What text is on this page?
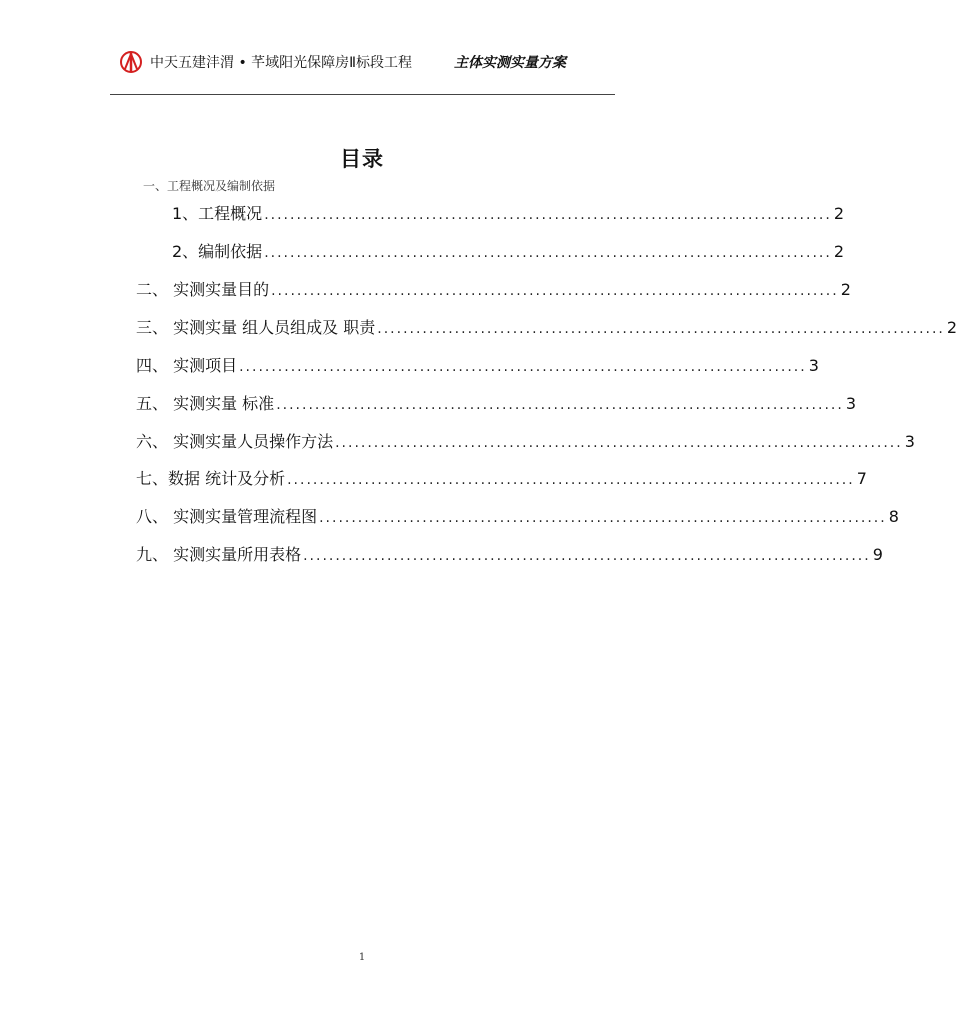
中天五建沣渭 • 芊域阳光保障房Ⅱ标段工程	主体实测实量方案
目录
一、工程概况及编制依据
1、工程概况 ........................................................................................ 2
2、编制依据 ........................................................................................ 2
二、 实测实量目的 ........................................................................................ 2
三、 实测实量 组人员组成及 职责 ........................................................................................ 2
四、 实测项目 ........................................................................................ 3
五、 实测实量 标准 ........................................................................................ 3
六、 实测实量人员操作方法 ........................................................................................ 3
七、数据 统计及分析 ........................................................................................ 7
八、 实测实量管理流程图 ........................................................................................ 8
九、 实测实量所用表格 ........................................................................................ 9
1
